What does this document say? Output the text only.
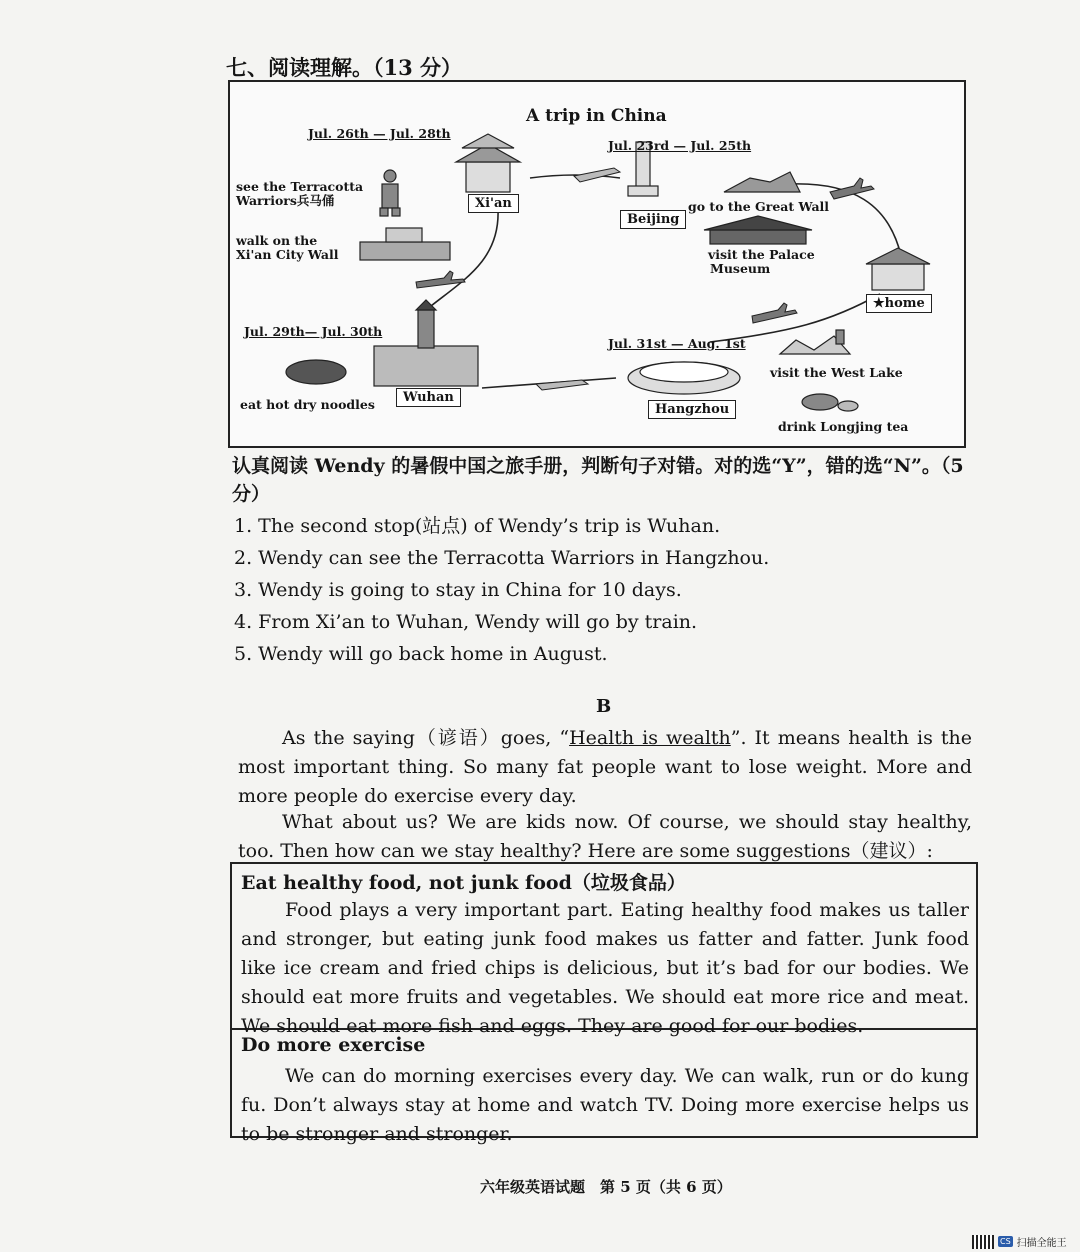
七、阅读理解。（13 分）
A trip in China
Jul. 26th — Jul. 28th
Jul. 23rd — Jul. 25th
Jul. 29th— Jul. 30th
Jul. 31st — Aug. 1st
Xi'an
Beijing
Wuhan
Hangzhou
★home
see the Terracotta
Warriors兵马俑
walk on the
Xi'an City Wall
go to the Great Wall
visit the Palace
Museum
eat hot dry noodles
visit the West Lake
drink Longjing tea
认真阅读 Wendy 的暑假中国之旅手册，判断句子对错。对的选“Y”，错的选“N”。（5 分）
1. The second stop(站点) of Wendy’s trip is Wuhan.
2. Wendy can see the Terracotta Warriors in Hangzhou.
3. Wendy is going to stay in China for 10 days.
4. From Xi’an to Wuhan, Wendy will go by train.
5. Wendy will go back home in August.
B
As the saying（谚语）goes, “Health is wealth”. It means health is the most important thing. So many fat people want to lose weight. More and more people do exercise every day.
What about us? We are kids now. Of course, we should stay healthy, too. Then how can we stay healthy? Here are some suggestions（建议）:
Eat healthy food, not junk food（垃圾食品）
Food plays a very important part. Eating healthy food makes us taller and stronger, but eating junk food makes us fatter and fatter. Junk food like ice cream and fried chips is delicious, but it’s bad for our bodies. We should eat more fruits and vegetables. We should eat more rice and meat. We should eat more fish and eggs. They are good for our bodies.
Do more exercise
We can do morning exercises every day. We can walk, run or do kung fu. Don’t always stay at home and watch TV. Doing more exercise helps us to be stronger and stronger.
六年级英语试题　第 5 页（共 6 页）
CS 扫描全能王
